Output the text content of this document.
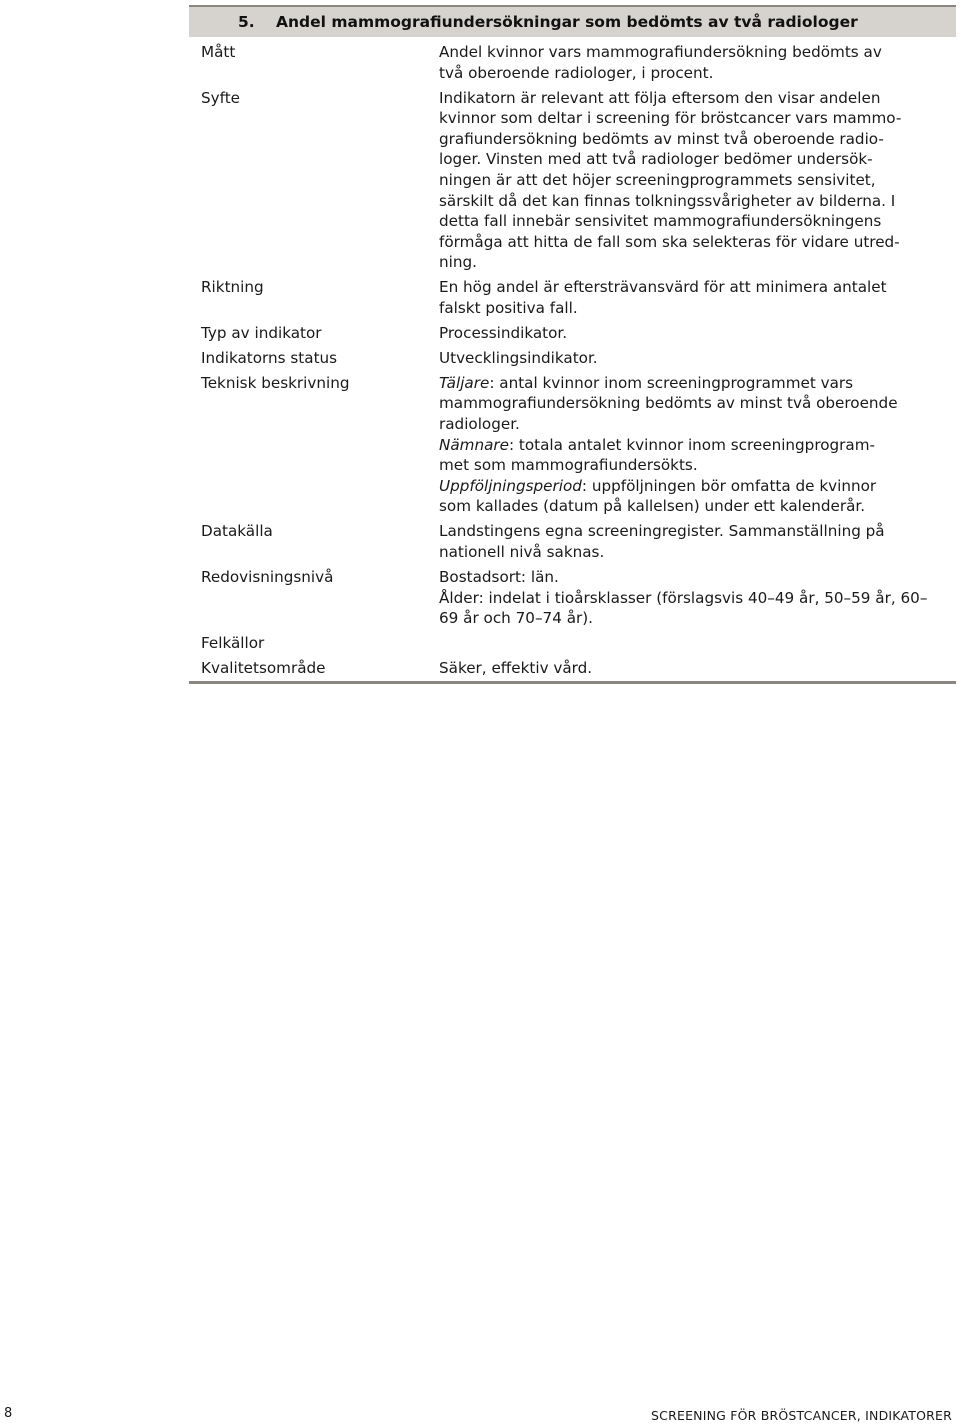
5.	Andel mammografiundersökningar som bedömts av två radiologer
Mått	Andel kvinnor vars mammografiundersökning bedömts av

två oberoende radiologer, i procent.

Syfte	Indikatorn är relevant att följa eftersom den visar andelen

kvinnor som deltar i screening för bröstcancer vars mammo-

grafiundersökning bedömts av minst två oberoende radio-

loger. Vinsten med att två radiologer bedömer undersök-

ningen är att det höjer screeningprogrammets sensivitet,

särskilt då det kan finnas tolkningssvårigheter av bilderna. I

detta fall innebär sensivitet mammografiundersökningens

förmåga att hitta de fall som ska selekteras för vidare utred-

ning.

Riktning	En hög andel är eftersträvansvärd för att minimera antalet

falskt positiva fall.

Typ av indikator	Processindikator.

Indikatorns status	Utvecklingsindikator.

Teknisk beskrivning	Täljare: antal kvinnor inom screeningprogrammet vars

mammografiundersökning bedömts av minst två oberoende

radiologer.

Nämnare: totala antalet kvinnor inom screeningprogram-

met som mammografiundersökts.

Uppföljningsperiod: uppföljningen bör omfatta de kvinnor

som kallades (datum på kallelsen) under ett kalenderår.

Datakälla	Landstingens egna screeningregister. Sammanställning på

nationell nivå saknas.

Redovisningsnivå	Bostadsort: län.

Ålder: indelat i tioårsklasser (förslagsvis 40–49 år, 50–59 år, 60–

69 år och 70–74 år).

Felkällor
Kvalitetsområde	Säker, effektiv vård.

8	SCREENING FÖR BRÖSTCANCER, INDIKATORER
